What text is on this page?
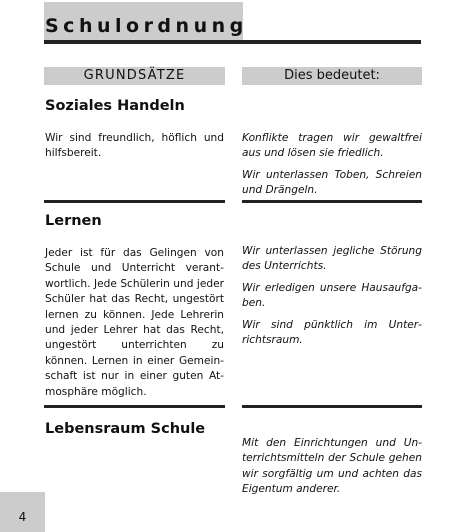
Schulordnung
GRUNDSÄTZE	Dies bedeutet:
Soziales Handeln
Wir sind freundlich, höflich und hilfsbereit.

Konflikte tragen wir gewaltfrei aus und lösen sie friedlich.

Wir unterlassen Toben, Schreien und Drängeln.

Lernen
Jeder ist für das Gelingen von Schule und Unterricht verantwortlich. Jede Schülerin und jeder Schüler hat das Recht, ungestört lernen zu können. Jede Lehrerin und jeder Lehrer hat das Recht, ungestört unterrichten zu können. Lernen in einer Gemeinschaft ist nur in einer guten Atmosphäre möglich.

Wir unterlassen jegliche Störung des Unterrichts.

Wir erledigen unsere Hausaufgaben.

Wir sind pünktlich im Unterrichtsraum.

Lebensraum Schule

Mit den Einrichtungen und Unterrichtsmitteln der Schule gehen wir sorgfältig um und achten das Eigentum anderer.

4
